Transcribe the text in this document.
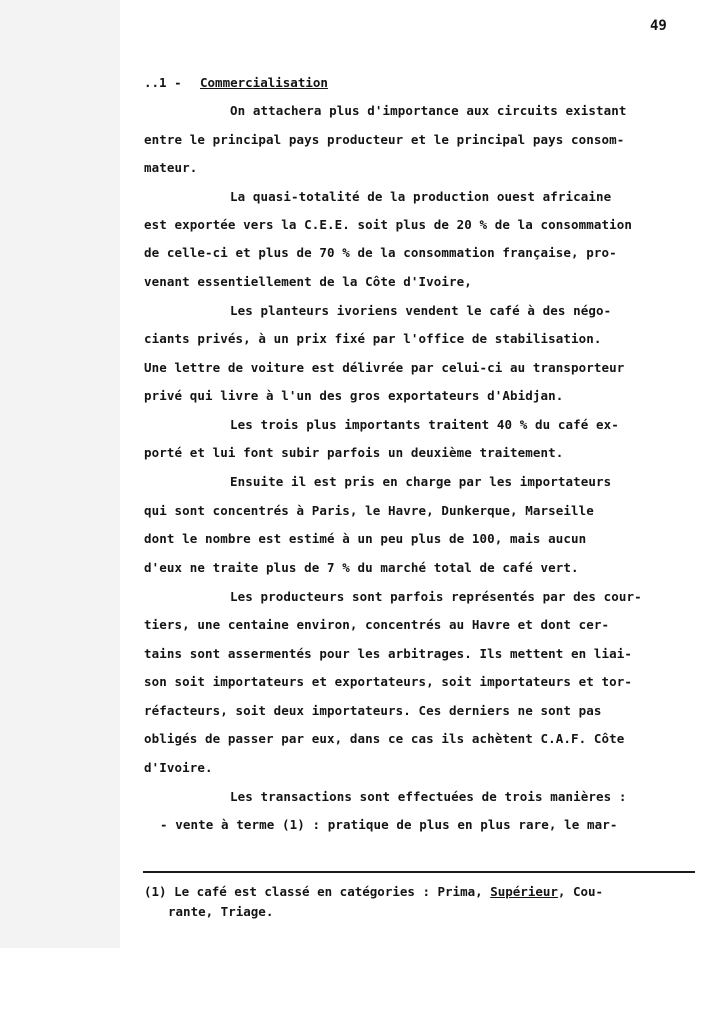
49
..1 - Commercialisation
On attachera plus d'importance aux circuits existant
entre le principal pays producteur et le principal pays consom-
mateur.
La quasi-totalité de la production ouest africaine
est exportée vers la C.E.E. soit plus de 20 % de la consommation
de celle-ci et plus de 70 % de la consommation française, pro-
venant essentiellement de la Côte d'Ivoire,
Les planteurs ivoriens vendent le café à des négo-
ciants privés, à un prix fixé par l'office de stabilisation.
Une lettre de voiture est délivrée par celui-ci au transporteur
privé qui livre à l'un des gros exportateurs d'Abidjan.
Les trois plus importants traitent 40 % du café ex-
porté et lui font subir parfois un deuxième traitement.
Ensuite il est pris en charge par les importateurs
qui sont concentrés à Paris, le Havre, Dunkerque, Marseille
dont le nombre est estimé à un peu plus de 100, mais aucun
d'eux ne traite plus de 7 % du marché total de café vert.
Les producteurs sont parfois représentés par des cour-
tiers, une centaine environ, concentrés au Havre et dont cer-
tains sont assermentés pour les arbitrages. Ils mettent en liai-
son soit importateurs et exportateurs, soit importateurs et tor-
réfacteurs, soit deux importateurs. Ces derniers ne sont pas
obligés de passer par eux, dans ce cas ils achètent C.A.F. Côte
d'Ivoire.
Les transactions sont effectuées de trois manières :
- vente à terme (1) : pratique de plus en plus rare, le mar-
(1) Le café est classé en catégories : Prima, Supérieur, Cou-
rante, Triage.
